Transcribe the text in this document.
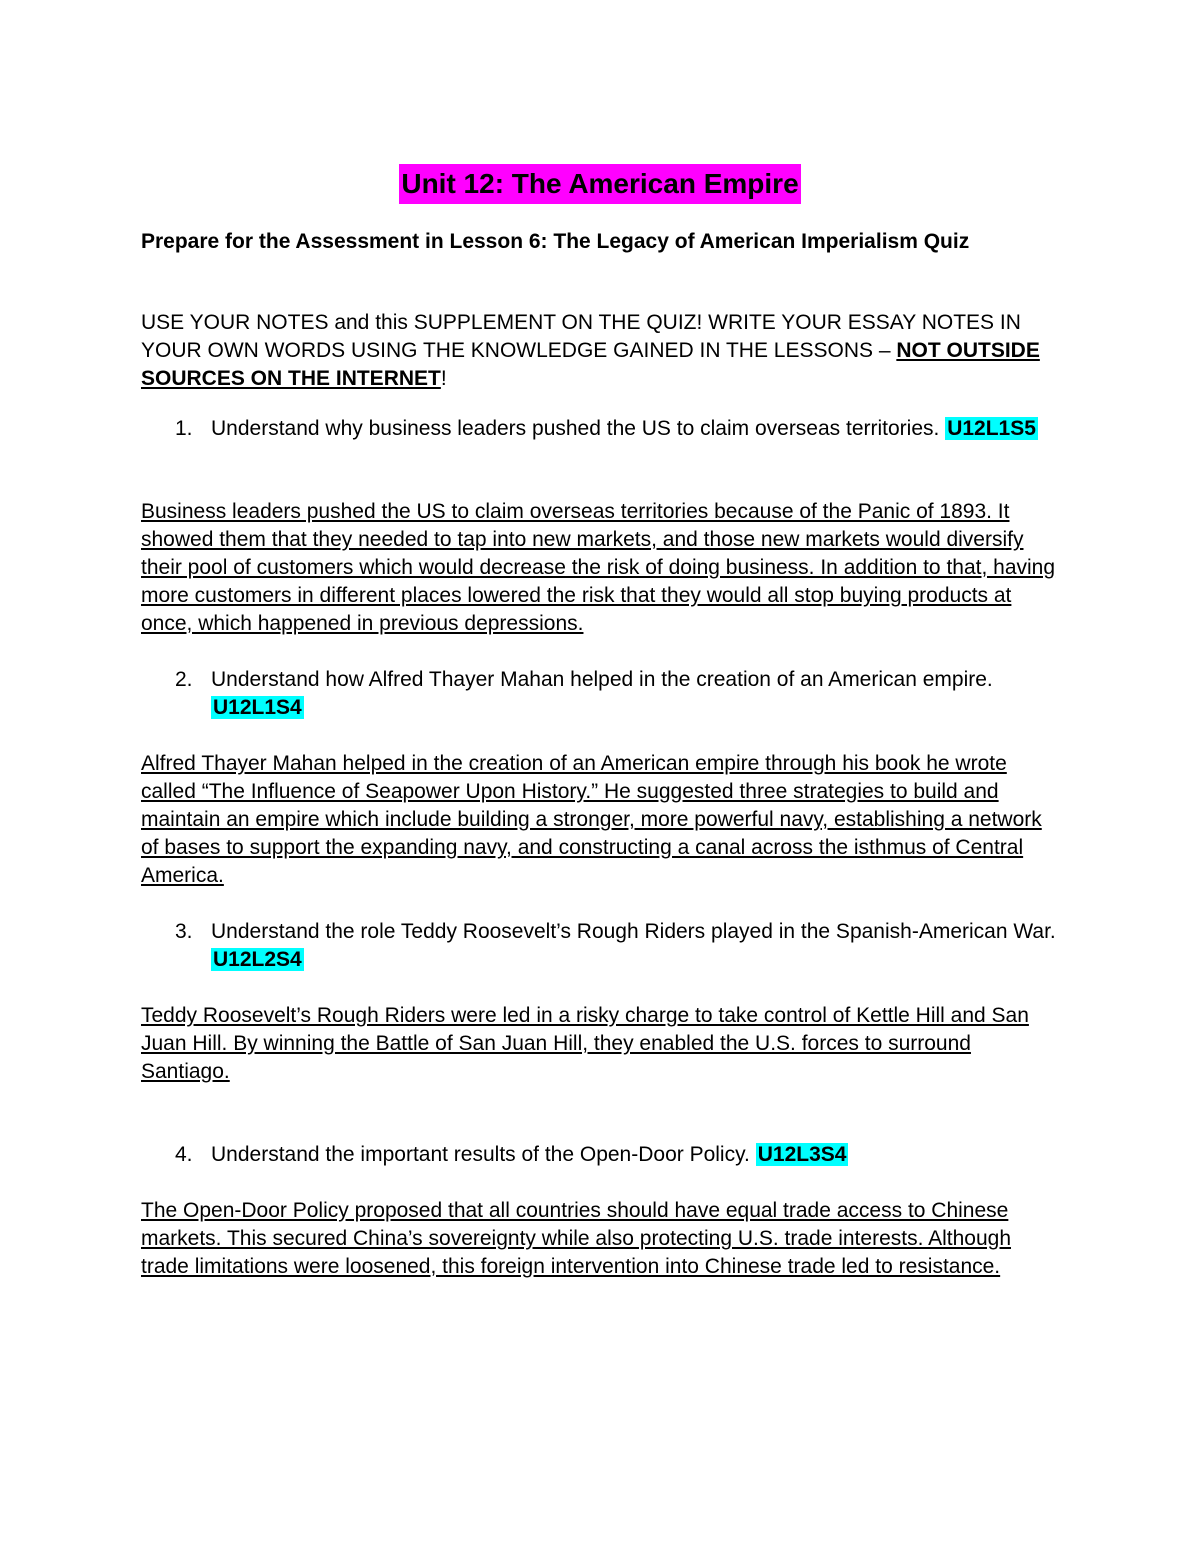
Unit 12: The American Empire
Prepare for the Assessment in Lesson 6: The Legacy of American Imperialism Quiz
USE YOUR NOTES and this SUPPLEMENT ON THE QUIZ! WRITE YOUR ESSAY NOTES IN YOUR OWN WORDS USING THE KNOWLEDGE GAINED IN THE LESSONS – NOT OUTSIDE SOURCES ON THE INTERNET!
1. Understand why business leaders pushed the US to claim overseas territories. U12L1S5
Business leaders pushed the US to claim overseas territories because of the Panic of 1893. It showed them that they needed to tap into new markets, and those new markets would diversify their pool of customers which would decrease the risk of doing business. In addition to that, having more customers in different places lowered the risk that they would all stop buying products at once, which happened in previous depressions.
2. Understand how Alfred Thayer Mahan helped in the creation of an American empire. U12L1S4
Alfred Thayer Mahan helped in the creation of an American empire through his book he wrote called “The Influence of Seapower Upon History.” He suggested three strategies to build and maintain an empire which include building a stronger, more powerful navy, establishing a network of bases to support the expanding navy, and constructing a canal across the isthmus of Central America.
3. Understand the role Teddy Roosevelt’s Rough Riders played in the Spanish-American War. U12L2S4
Teddy Roosevelt’s Rough Riders were led in a risky charge to take control of Kettle Hill and San Juan Hill. By winning the Battle of San Juan Hill, they enabled the U.S. forces to surround Santiago.
4. Understand the important results of the Open-Door Policy. U12L3S4
The Open-Door Policy proposed that all countries should have equal trade access to Chinese markets. This secured China’s sovereignty while also protecting U.S. trade interests. Although trade limitations were loosened, this foreign intervention into Chinese trade led to resistance.
